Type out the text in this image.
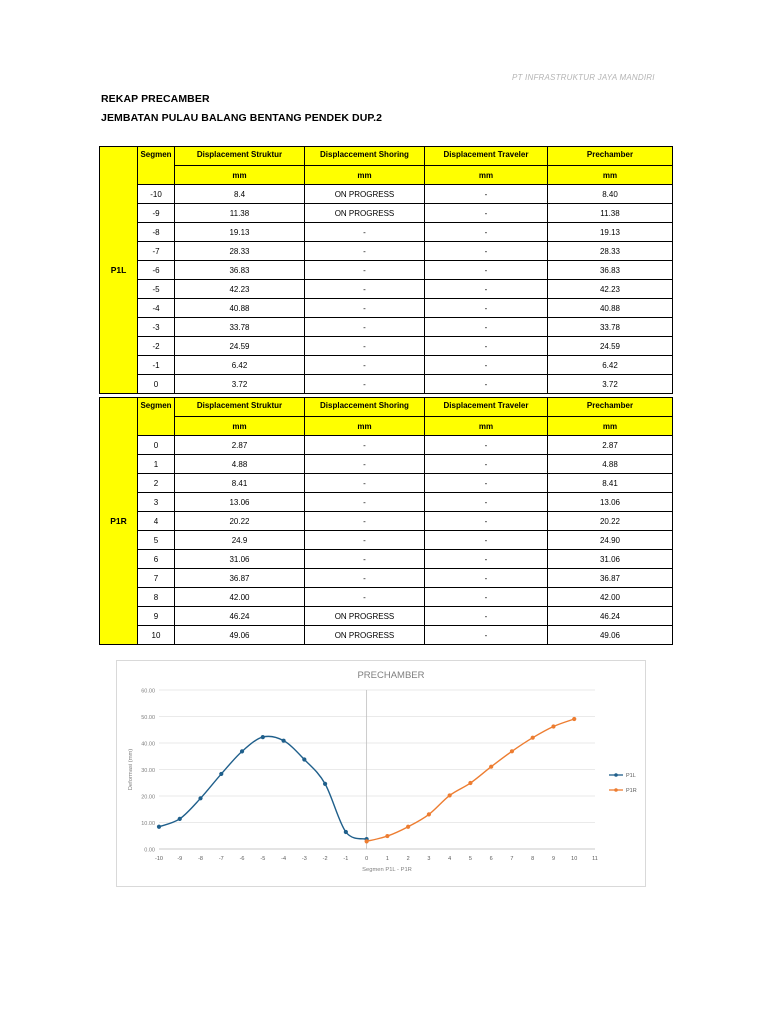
PT INFRASTRUKTUR JAYA MANDIRI
REKAP PRECAMBER
JEMBATAN PULAU BALANG BENTANG PENDEK DUP.2
P1L	Segmen	Displacement Struktur	Displaccement Shoring	Displacement Traveler	Prechamber
		mm	mm	mm	mm
	-10	8.4	ON PROGRESS	-	8.40
	-9	11.38	ON PROGRESS	-	11.38
	-8	19.13	-	-	19.13
	-7	28.33	-	-	28.33
	-6	36.83	-	-	36.83
	-5	42.23	-	-	42.23
	-4	40.88	-	-	40.88
	-3	33.78	-	-	33.78
	-2	24.59	-	-	24.59
	-1	6.42	-	-	6.42
	0	3.72	-	-	3.72
P1R	Segmen	Displacement Struktur	Displaccement Shoring	Displacement Traveler	Prechamber
		mm	mm	mm	mm
	0	2.87	-	-	2.87
	1	4.88	-	-	4.88
	2	8.41	-	-	8.41
	3	13.06	-	-	13.06
	4	20.22	-	-	20.22
	5	24.9	-	-	24.90
	6	31.06	-	-	31.06
	7	36.87	-	-	36.87
	8	42.00	-	-	42.00
	9	46.24	ON PROGRESS	-	46.24
	10	49.06	ON PROGRESS	-	49.06
PRECHAMBER
0.00
10.00
20.00
30.00
40.00
50.00
60.00
-10	-9	-8	-7	-6	-5	-4	-3	-2	-1	0	1	2	3	4	5	6	7	8	9	10	11
Segmen P1L - P1R
Deformasi (mm)	P1L
P1R
